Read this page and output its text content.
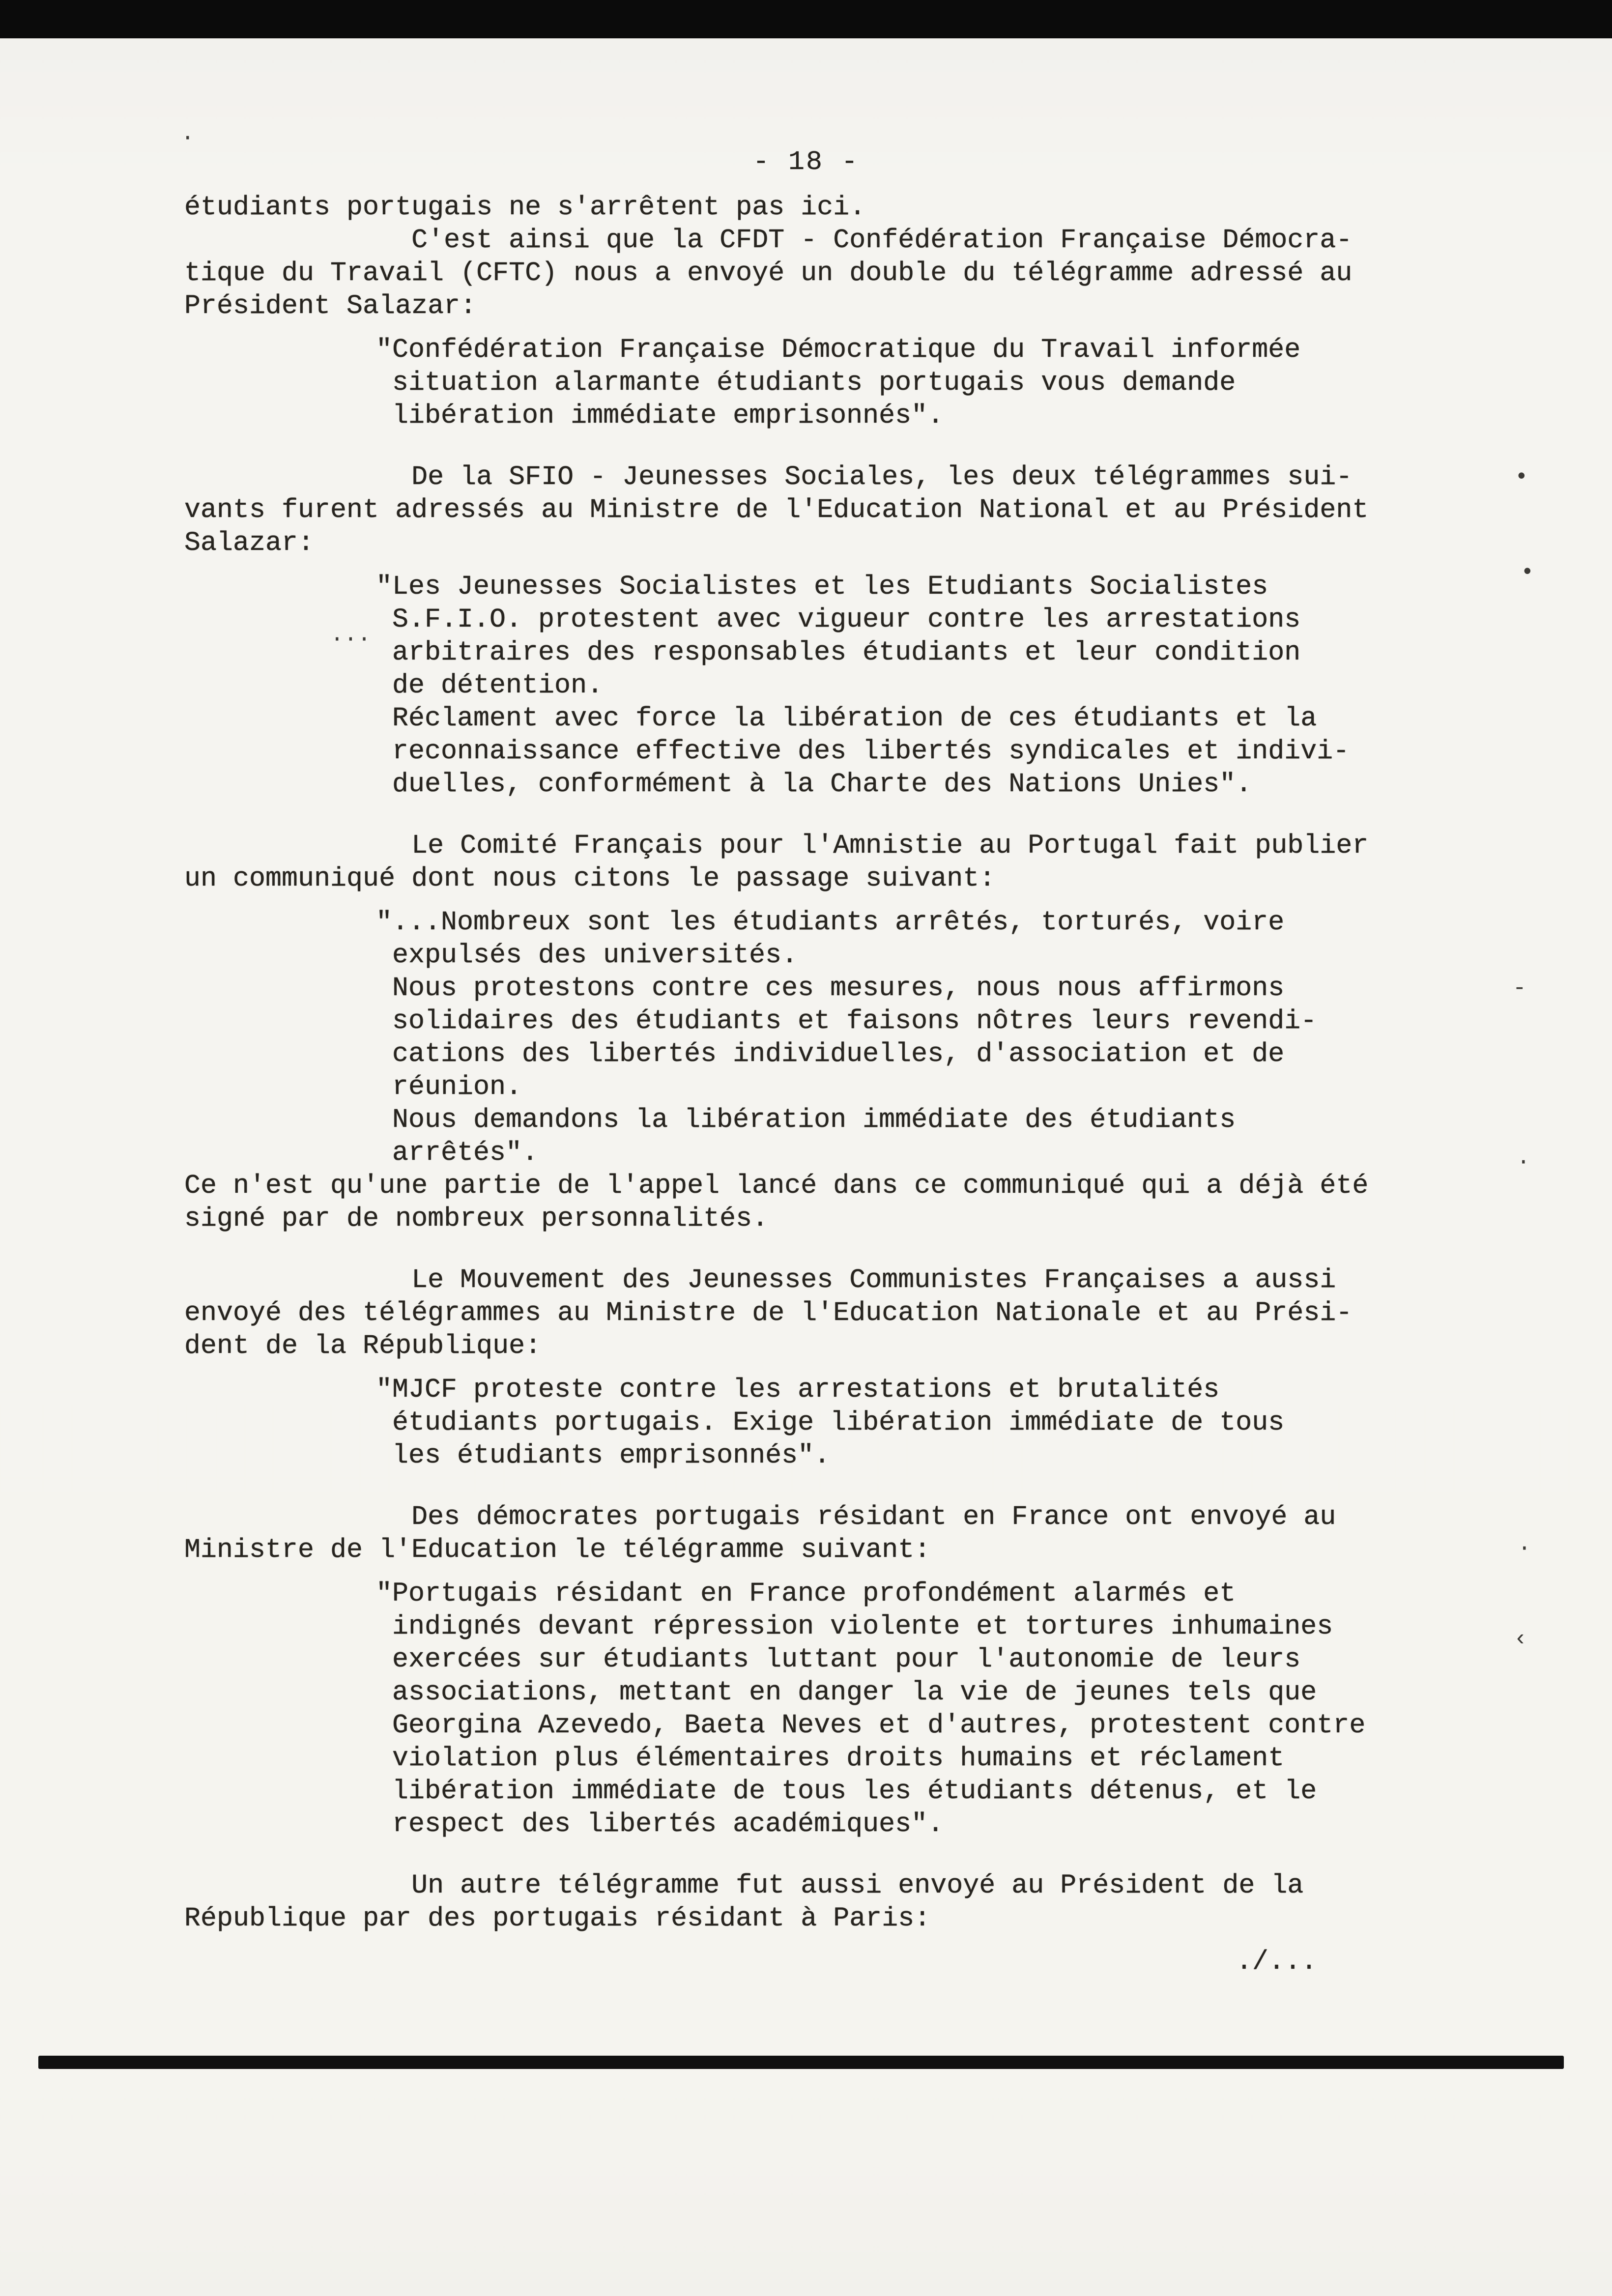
- 18 -
étudiants portugais ne s'arrêtent pas ici.
C'est ainsi que la CFDT - Confédération Française Démocra-
tique du Travail (CFTC) nous a envoyé un double du télégramme adressé au
Président Salazar:
"Confédération Française Démocratique du Travail informée
situation alarmante étudiants portugais vous demande
libération immédiate emprisonnés".
De la SFIO - Jeunesses Sociales, les deux télégrammes sui-
vants furent adressés au Ministre de l'Education National et au Président
Salazar:
"Les Jeunesses Socialistes et les Etudiants Socialistes
S.F.I.O. protestent avec vigueur contre les arrestations
arbitraires des responsables étudiants et leur condition
de détention.
Réclament avec force la libération de ces étudiants et la
reconnaissance effective des libertés syndicales et indivi-
duelles, conformément à la Charte des Nations Unies".
Le Comité Français pour l'Amnistie au Portugal fait publier
un communiqué dont nous citons le passage suivant:
"...Nombreux sont les étudiants arrêtés, torturés, voire
expulsés des universités.
Nous protestons contre ces mesures, nous nous affirmons
solidaires des étudiants et faisons nôtres leurs revendi-
cations des libertés individuelles, d'association et de
réunion.
Nous demandons la libération immédiate des étudiants
arrêtés".
Ce n'est qu'une partie de l'appel lancé dans ce communiqué qui a déjà été
signé par de nombreux personnalités.
Le Mouvement des Jeunesses Communistes Françaises a aussi
envoyé des télégrammes au Ministre de l'Education Nationale et au Prési-
dent de la République:
"MJCF proteste contre les arrestations et brutalités
étudiants portugais. Exige libération immédiate de tous
les étudiants emprisonnés".
Des démocrates portugais résidant en France ont envoyé au
Ministre de l'Education le télégramme suivant:
"Portugais résidant en France profondément alarmés et
indignés devant répression violente et tortures inhumaines
exercées sur étudiants luttant pour l'autonomie de leurs
associations, mettant en danger la vie de jeunes tels que
Georgina Azevedo, Baeta Neves et d'autres, protestent contre
violation plus élémentaires droits humains et réclament
libération immédiate de tous les étudiants détenus, et le
respect des libertés académiques".
Un autre télégramme fut aussi envoyé au Président de la
République par des portugais résidant à Paris:
./...
·
•
•
···
-
·
‹
·
